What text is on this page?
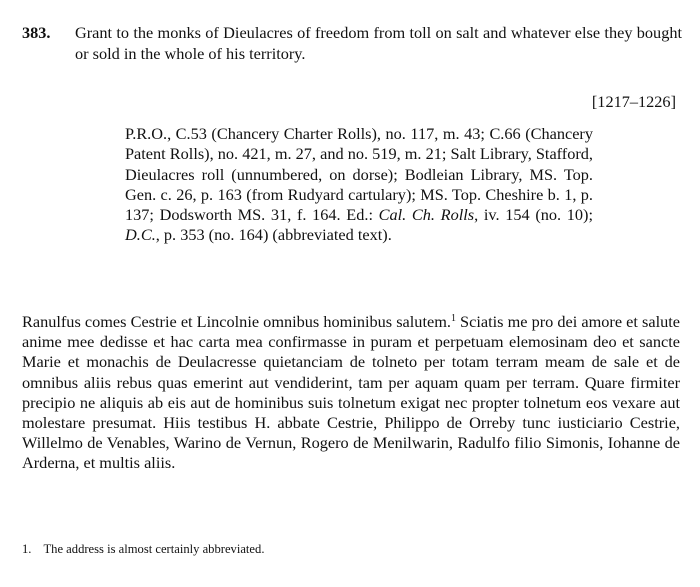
383. Grant to the monks of Dieulacres of freedom from toll on salt and whatever else they bought or sold in the whole of his territory.
[1217–1226]
P.R.O., C.53 (Chancery Charter Rolls), no. 117, m. 43; C.66 (Chancery Patent Rolls), no. 421, m. 27, and no. 519, m. 21; Salt Library, Stafford, Dieulacres roll (unnumbered, on dorse); Bodleian Library, MS. Top. Gen. c. 26, p. 163 (from Rudyard cartulary); MS. Top. Cheshire b. 1, p. 137; Dodsworth MS. 31, f. 164. Ed.: Cal. Ch. Rolls, iv. 154 (no. 10); D.C., p. 353 (no. 164) (abbreviated text).
Ranulfus comes Cestrie et Lincolnie omnibus hominibus salutem.$^1$ Sciatis me pro dei amore et salute anime mee dedisse et hac carta mea confirmasse in puram et perpetuam elemosinam deo et sancte Marie et monachis de Deulacresse quietanciam de tolneto per totam terram meam de sale et de omnibus aliis rebus quas emerint aut vendiderint, tam per aquam quam per terram. Quare firmiter precipio ne aliquis ab eis aut de hominibus suis tolnetum exigat nec propter tolnetum eos vexare aut molestare presumat. Hiis testibus H. abbate Cestrie, Philippo de Orreby tunc iusticiario Cestrie, Willelmo de Venables, Warino de Vernun, Rogero de Menilwarin, Radulfo filio Simonis, Iohanne de Arderna, et multis aliis.
1. The address is almost certainly abbreviated.
